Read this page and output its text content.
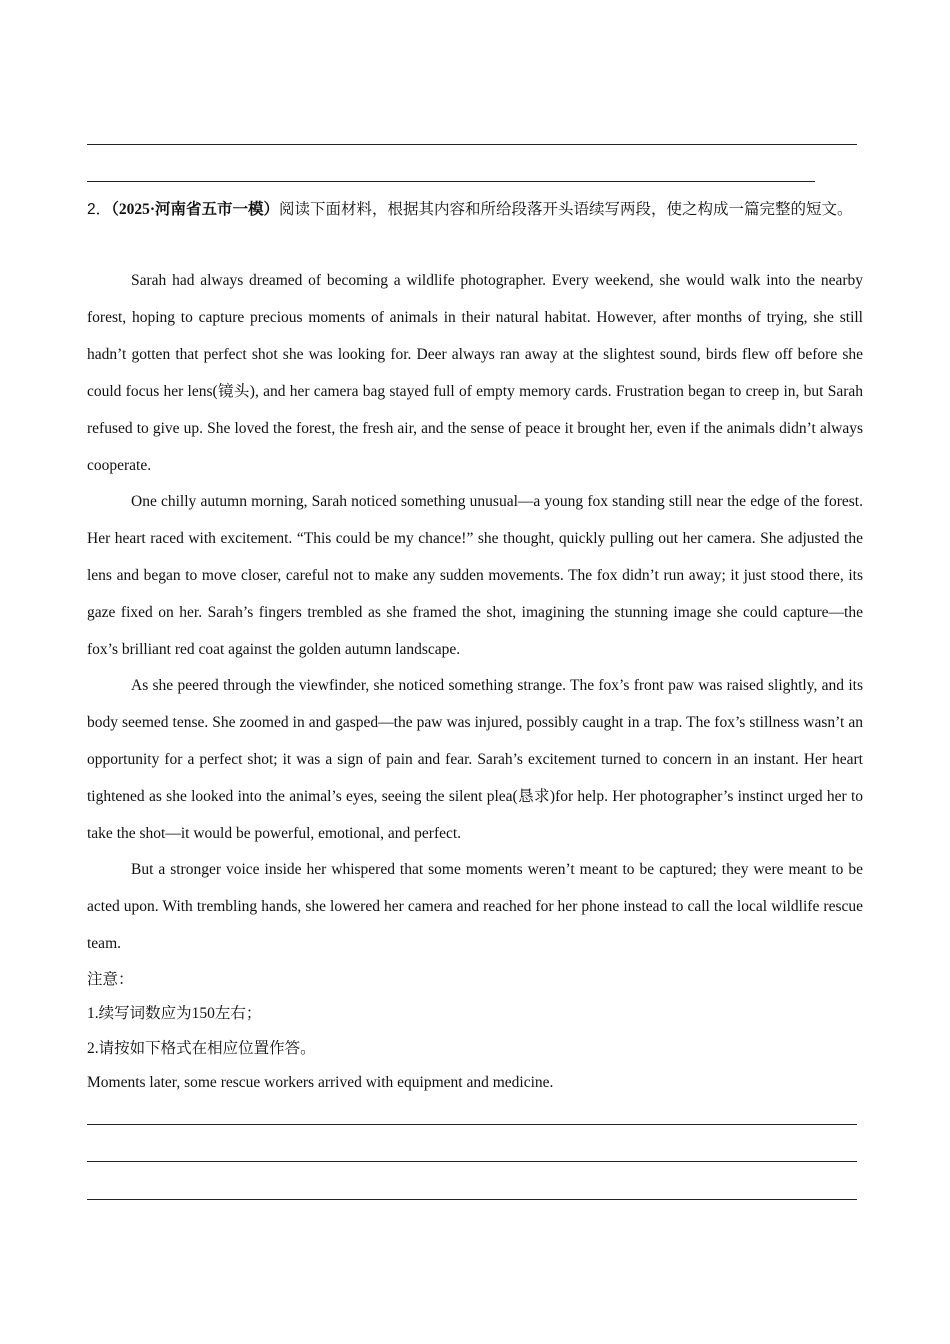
2．（2025·河南省五市一模）阅读下面材料，根据其内容和所给段落开头语续写两段，使之构成一篇完整的短文。

Sarah had always dreamed of becoming a wildlife photographer. Every weekend, she would walk into the nearby forest, hoping to capture precious moments of animals in their natural habitat. However, after months of trying, she still hadn’t gotten that perfect shot she was looking for. Deer always ran away at the slightest sound, birds flew off before she could focus her lens(镜头), and her camera bag stayed full of empty memory cards. Frustration began to creep in, but Sarah refused to give up. She loved the forest, the fresh air, and the sense of peace it brought her, even if the animals didn’t always cooperate.

One chilly autumn morning, Sarah noticed something unusual—a young fox standing still near the edge of the forest. Her heart raced with excitement. “This could be my chance!” she thought, quickly pulling out her camera. She adjusted the lens and began to move closer, careful not to make any sudden movements. The fox didn’t run away; it just stood there, its gaze fixed on her. Sarah’s fingers trembled as she framed the shot, imagining the stunning image she could capture—the fox’s brilliant red coat against the golden autumn landscape.

As she peered through the viewfinder, she noticed something strange. The fox’s front paw was raised slightly, and its body seemed tense. She zoomed in and gasped—the paw was injured, possibly caught in a trap. The fox’s stillness wasn’t an opportunity for a perfect shot; it was a sign of pain and fear. Sarah’s excitement turned to concern in an instant. Her heart tightened as she looked into the animal’s eyes, seeing the silent plea(恳求)for help. Her photographer’s instinct urged her to take the shot—it would be powerful, emotional, and perfect.

But a stronger voice inside her whispered that some moments weren’t meant to be captured; they were meant to be acted upon. With trembling hands, she lowered her camera and reached for her phone instead to call the local wildlife rescue team.

注意：

1.续写词数应为150左右；

2.请按如下格式在相应位置作答。

Moments later, some rescue workers arrived with equipment and medicine.
